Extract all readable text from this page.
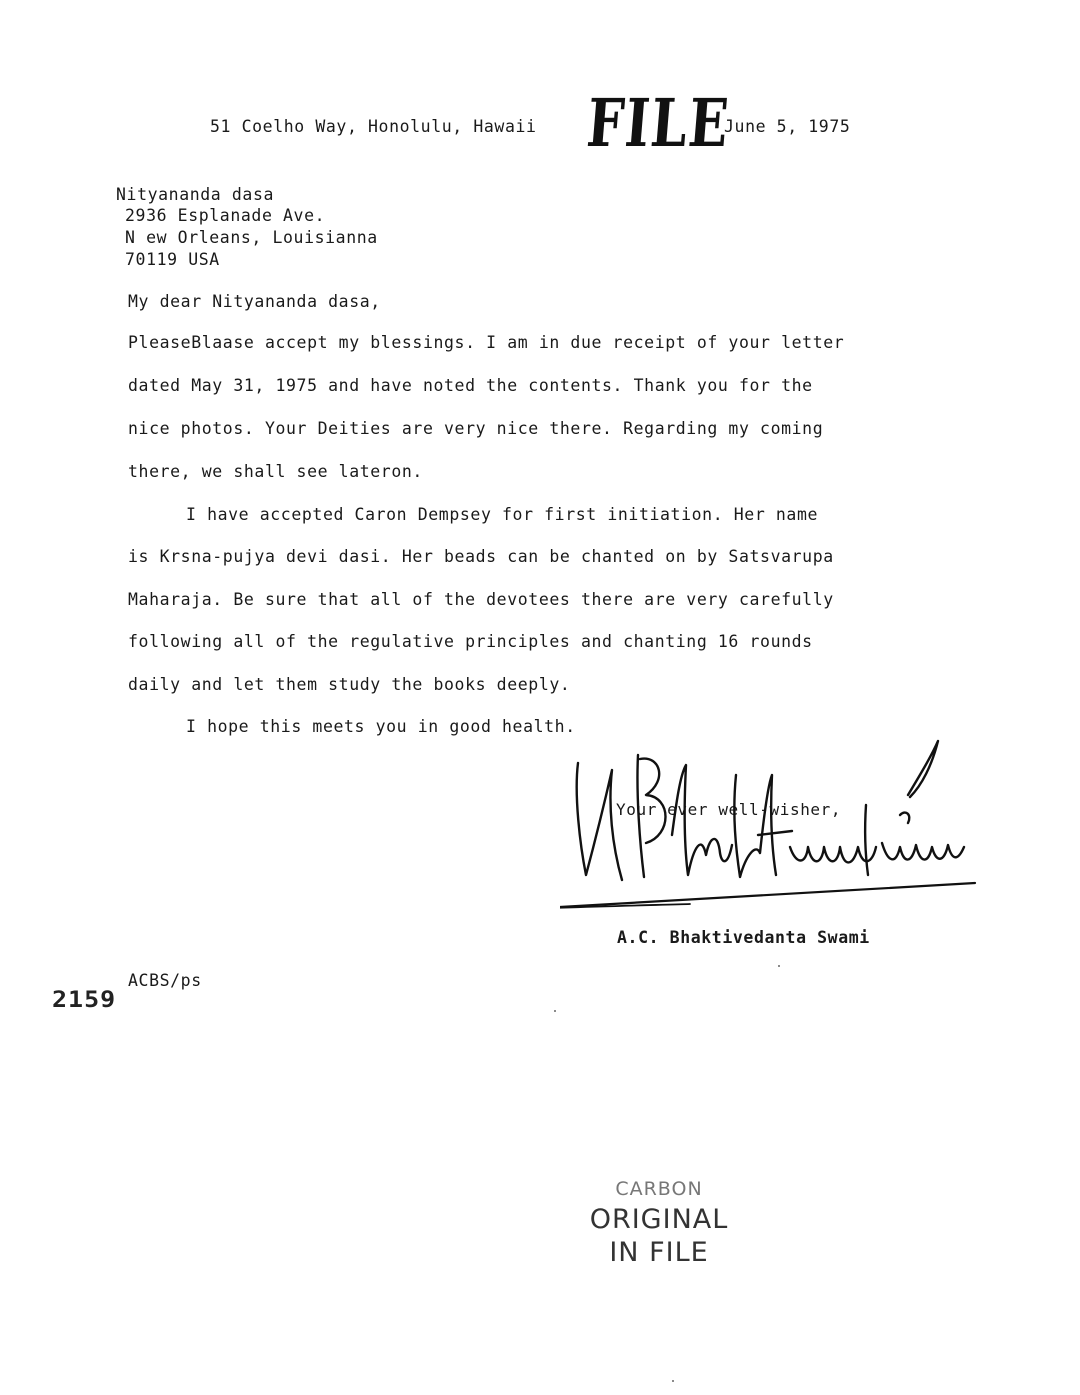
51 Coelho Way, Honolulu, Hawaii FILE
June 5, 1975
Nityananda dasa
2936 Esplanade Ave.
N ew Orleans, Louisianna
70119 USA
My dear Nityananda dasa,
PleaseBlaase accept my blessings. I am in due receipt of your letter
dated May 31, 1975 and have noted the contents. Thank you for the
nice photos. Your Deities are very nice there. Regarding my coming
there, we shall see lateron.
I have accepted Caron Dempsey for first initiation. Her name
is Krsna-pujya devi dasi. Her beads can be chanted on by Satsvarupa
Maharaja. Be sure that all of the devotees there are very carefully
following all of the regulative principles and chanting 16 rounds
daily and let them study the books deeply.
I hope this meets you in good health.
Your ever well-wisher,
A.C. Bhaktivedanta Swami
ACBS/ps
2159
CARBON
ORIGINAL
IN FILE
